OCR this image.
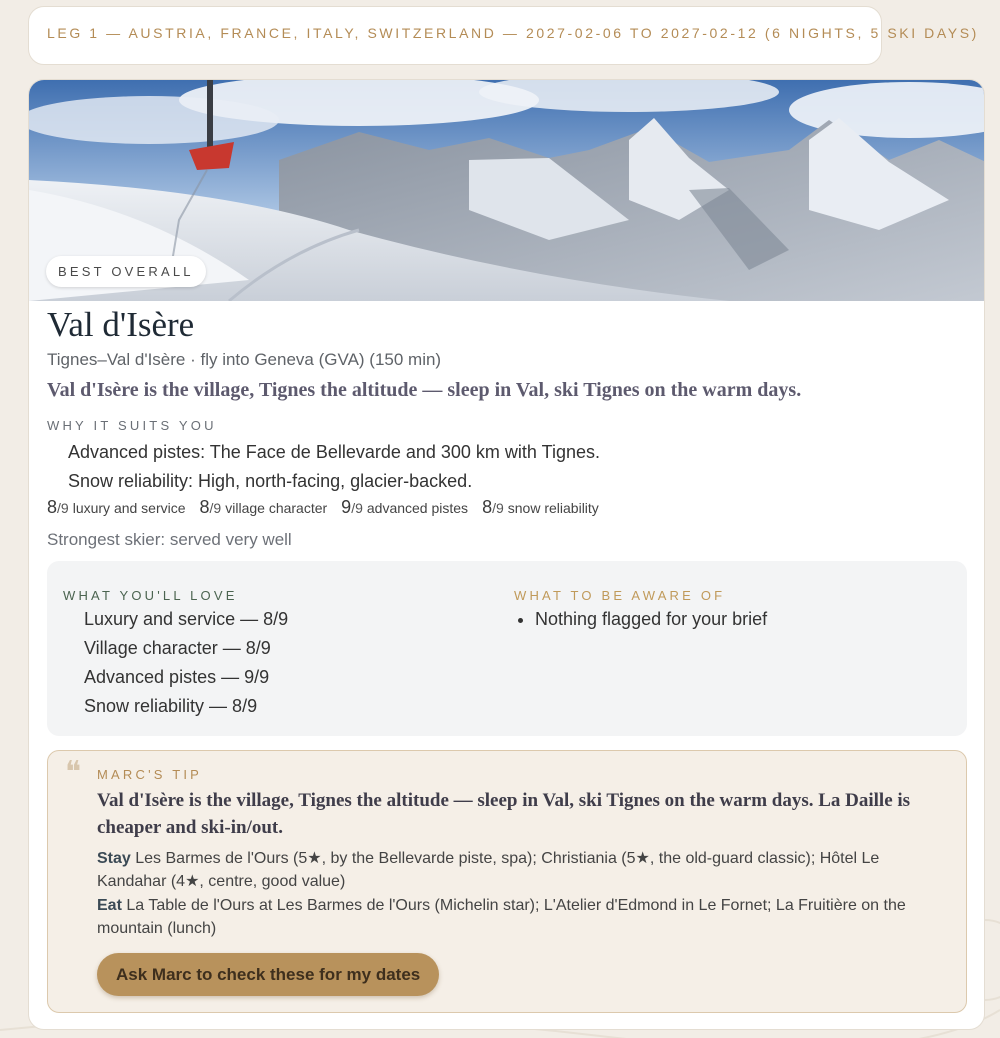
LEG 1 — AUSTRIA, FRANCE, ITALY, SWITZERLAND — 2027-02-06 TO 2027-02-12 (6 NIGHTS, 5 SKI DAYS)
BEST OVERALL
Val d'Isère
Tignes–Val d'Isère · fly into Geneva (GVA) (150 min)
Val d'Isère is the village, Tignes the altitude — sleep in Val, ski Tignes on the warm days.
WHY IT SUITS YOU
Advanced pistes: The Face de Bellevarde and 300 km with Tignes.
Snow reliability: High, north-facing, glacier-backed.
8/9 luxury and service 8/9 village character 9/9 advanced pistes 8/9 snow reliability
Strongest skier: served very well
WHAT YOU'LL LOVE
Luxury and service — 8/9
Village character — 8/9
Advanced pistes — 9/9
Snow reliability — 8/9
WHAT TO BE AWARE OF
• Nothing flagged for your brief
❝ MARC'S TIP
Val d'Isère is the village, Tignes the altitude — sleep in Val, ski Tignes on the warm days. La Daille is cheaper and ski-in/out.
Stay Les Barmes de l'Ours (5★, by the Bellevarde piste, spa); Christiania (5★, the old-guard classic); Hôtel Le Kandahar (4★, centre, good value)
Eat La Table de l'Ours at Les Barmes de l'Ours (Michelin star); L'Atelier d'Edmond in Le Fornet; La Fruitière on the mountain (lunch)
Ask Marc to check these for my dates
